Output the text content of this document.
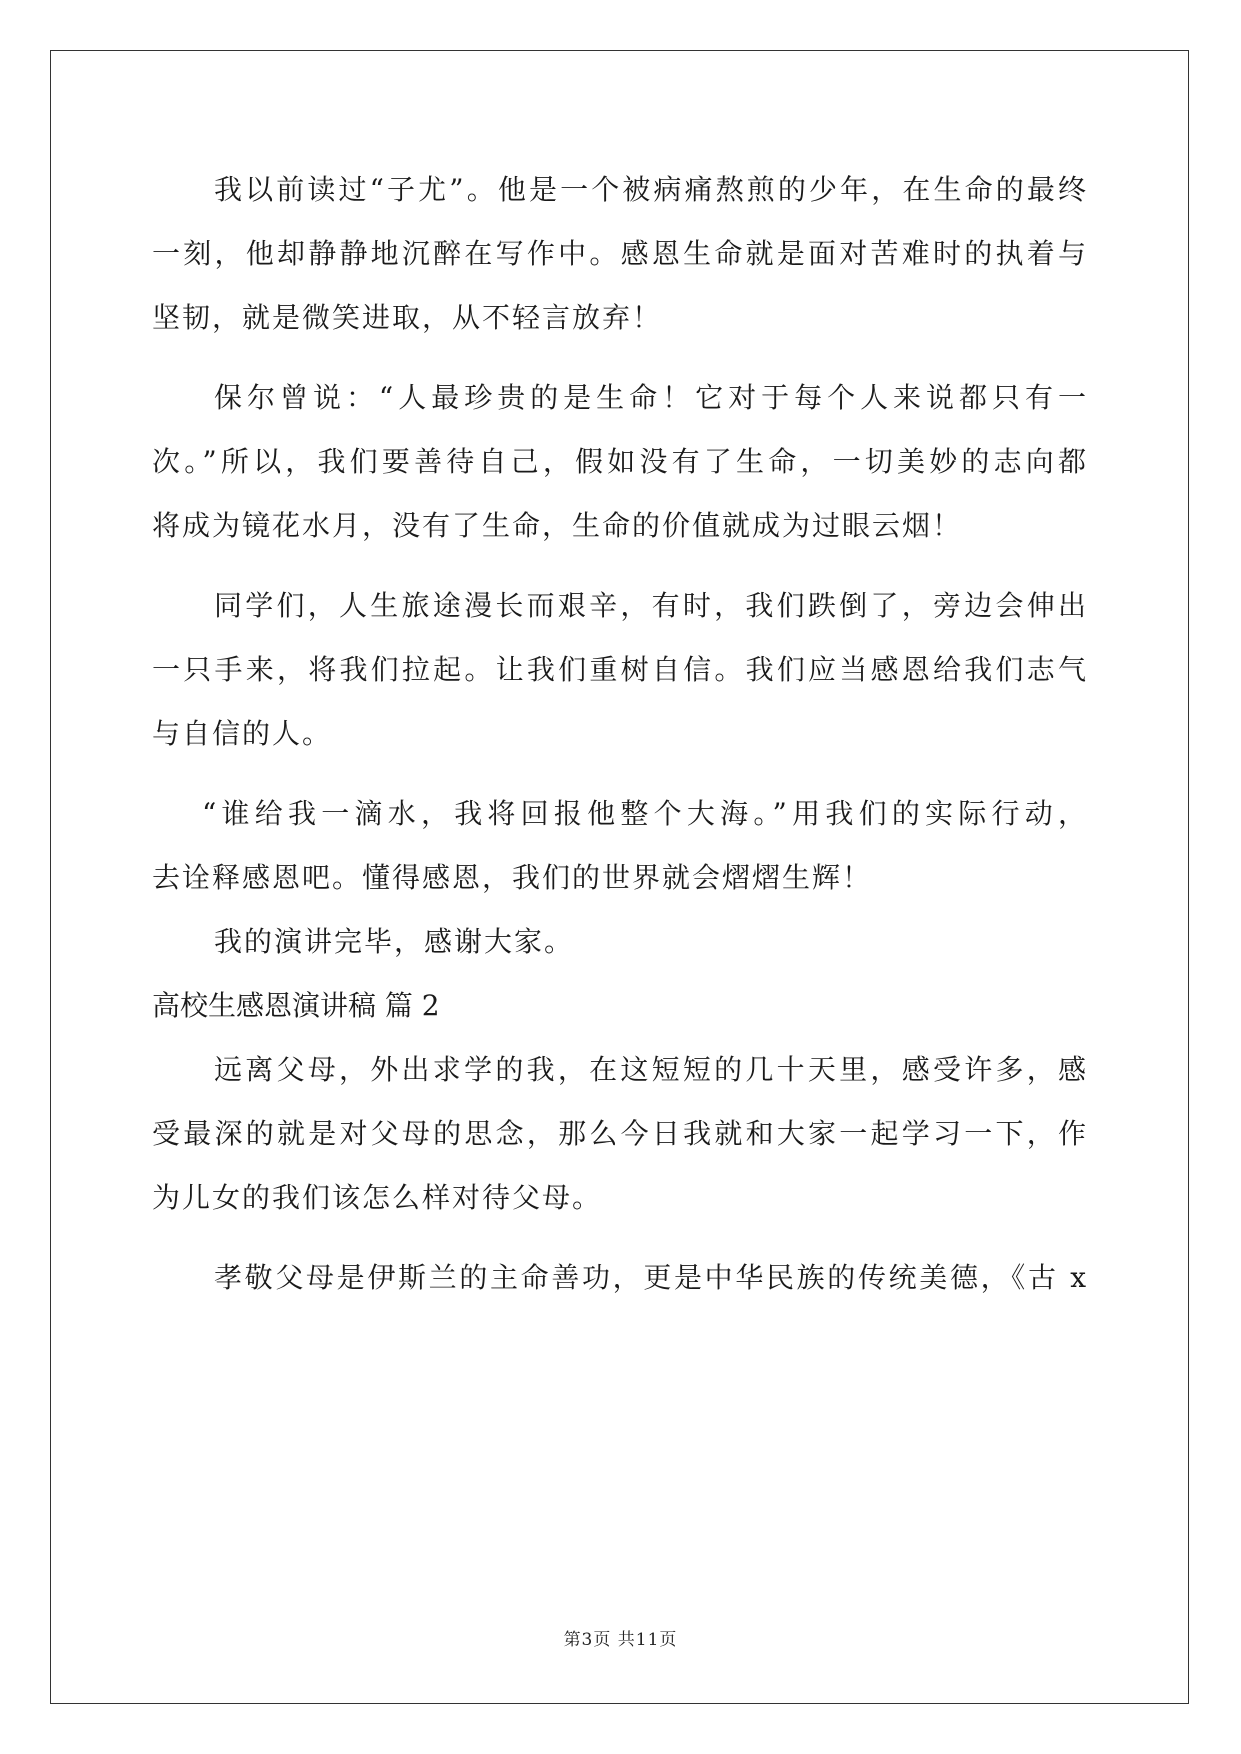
我以前读过“子尤”。他是一个被病痛熬煎的少年，在生命的最终
一刻，他却静静地沉醉在写作中。感恩生命就是面对苦难时的执着与
坚韧，就是微笑进取，从不轻言放弃！
保尔曾说：“人最珍贵的是生命！它对于每个人来说都只有一
次。”所以，我们要善待自己，假如没有了生命，一切美妙的志向都
将成为镜花水月，没有了生命，生命的价值就成为过眼云烟！
同学们，人生旅途漫长而艰辛，有时，我们跌倒了，旁边会伸出
一只手来，将我们拉起。让我们重树自信。我们应当感恩给我们志气
与自信的人。
“谁给我一滴水，我将回报他整个大海。”用我们的实际行动，
去诠释感恩吧。懂得感恩，我们的世界就会熠熠生辉！
我的演讲完毕，感谢大家。
高校生感恩演讲稿 篇 2
远离父母，外出求学的我，在这短短的几十天里，感受许多，感
受最深的就是对父母的思念，那么今日我就和大家一起学习一下，作
为儿女的我们该怎么样对待父母。
孝敬父母是伊斯兰的主命善功，更是中华民族的传统美德，《古 x
第3页 共11页
